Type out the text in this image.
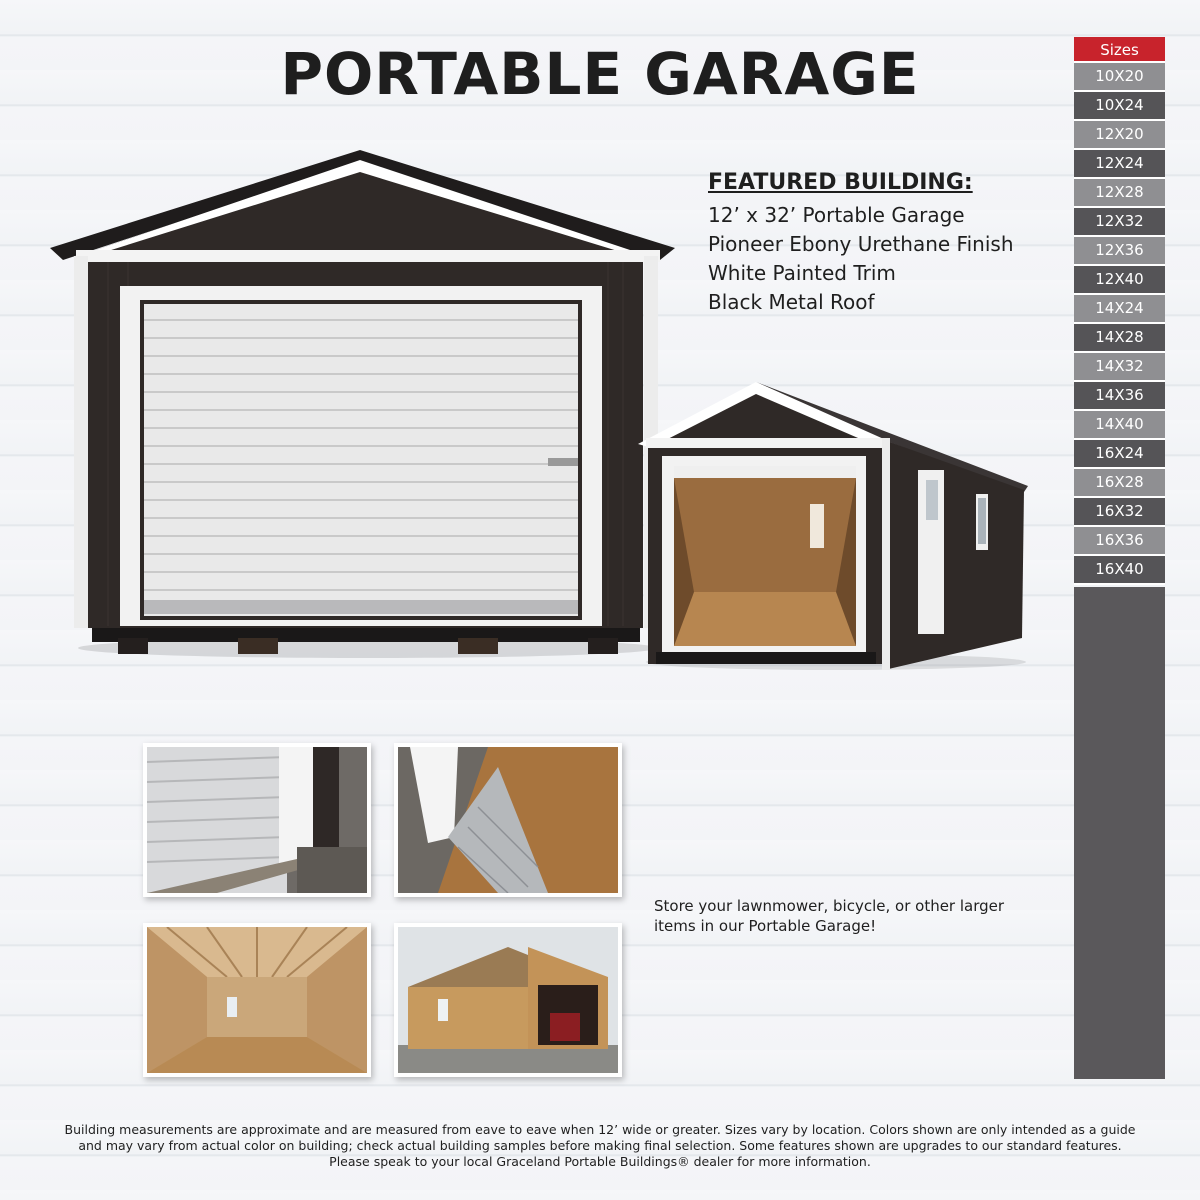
PORTABLE GARAGE
FEATURED BUILDING:
12’ x 32’ Portable Garage
Pioneer Ebony Urethane Finish
White Painted Trim
Black Metal Roof
Sizes
10X20
10X24
12X20
12X24
12X28
12X32
12X36
12X40
14X24
14X28
14X32
14X36
14X40
16X24
16X28
16X32
16X36
16X40
Store your lawnmower, bicycle, or other larger
items in our Portable Garage!
Building measurements are approximate and are measured from eave to eave when 12’ wide or greater. Sizes vary by location. Colors shown are only intended as a guide
and may vary from actual color on building; check actual building samples before making final selection. Some features shown are upgrades to our standard features.
Please speak to your local Graceland Portable Buildings® dealer for more information.
